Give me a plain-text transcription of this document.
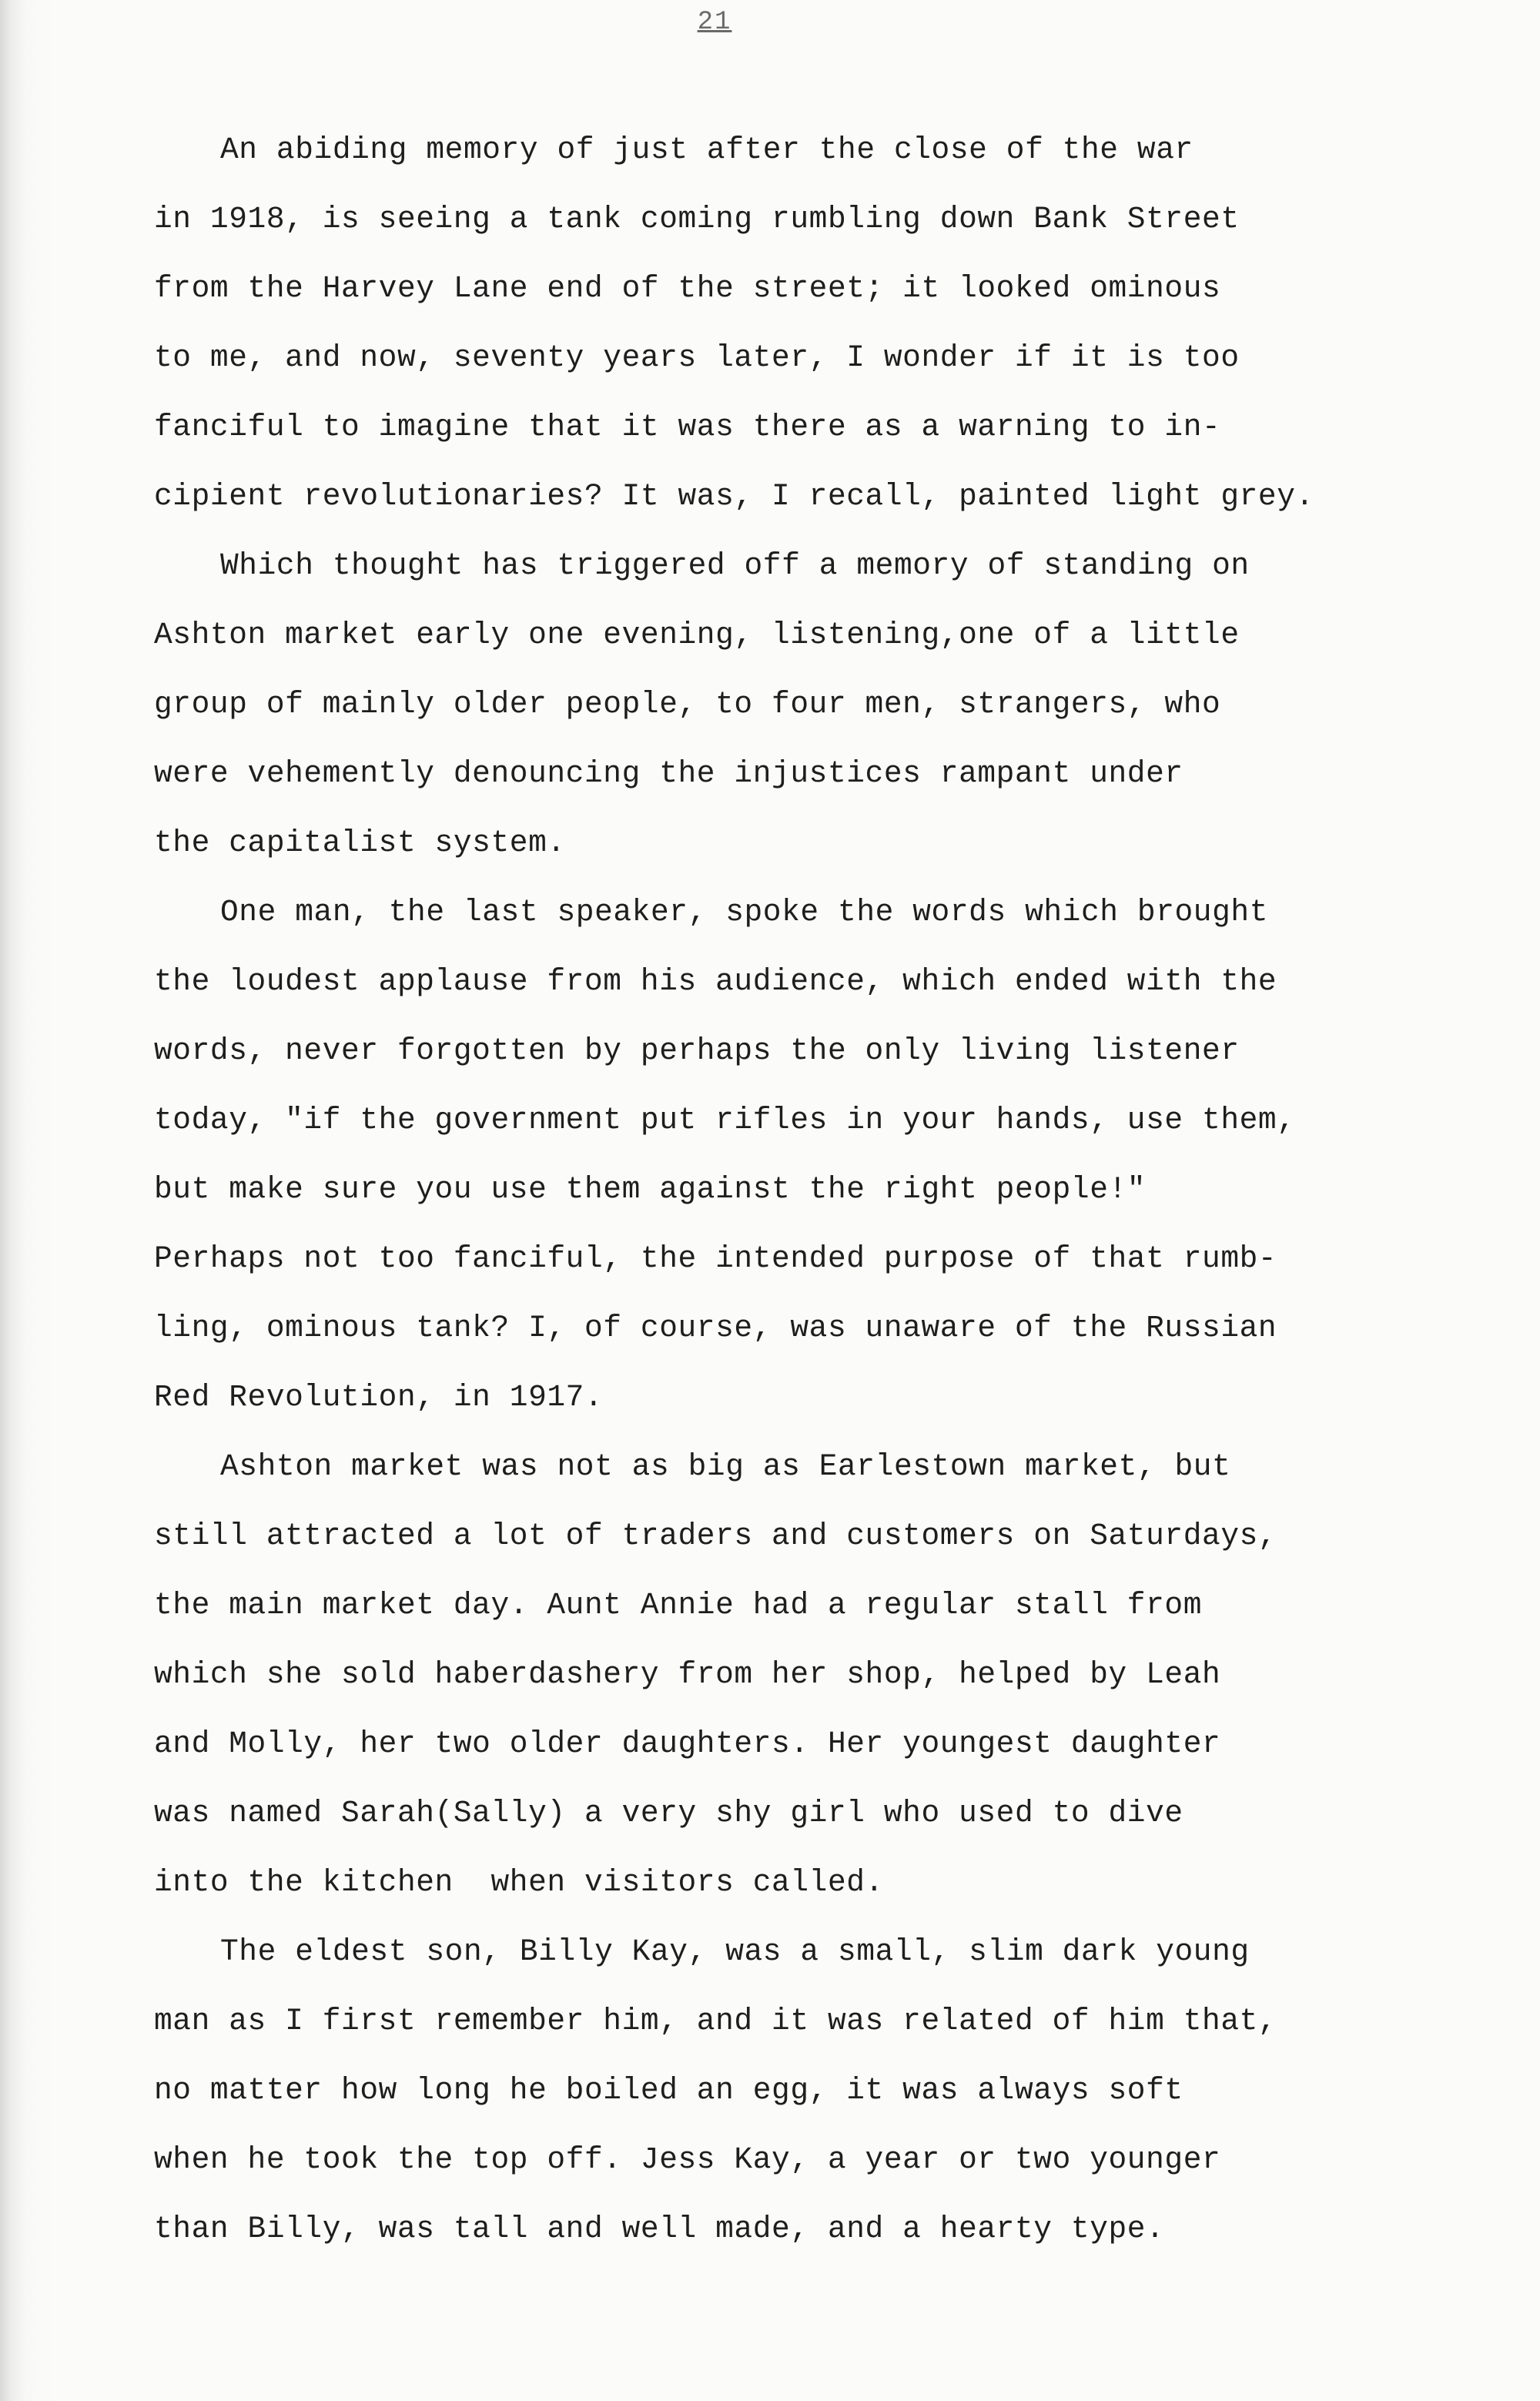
21
An abiding memory of just after the close of the war
in 1918, is seeing a tank coming rumbling down Bank Street
from the Harvey Lane end of the street; it looked ominous
to me, and now, seventy years later, I wonder if it is too
fanciful to imagine that it was there as a warning to in-
cipient revolutionaries? It was, I recall, painted light grey.
Which thought has triggered off a memory of standing on
Ashton market early one evening, listening,one of a little
group of mainly older people, to four men, strangers, who
were vehemently denouncing the injustices rampant under
the capitalist system.
One man, the last speaker, spoke the words which brought
the loudest applause from his audience, which ended with the
words, never forgotten by perhaps the only living listener
today, "if the government put rifles in your hands, use them,
but make sure you use them against the right people!"
Perhaps not too fanciful, the intended purpose of that rumb-
ling, ominous tank? I, of course, was unaware of the Russian
Red Revolution, in 1917.
Ashton market was not as big as Earlestown market, but
still attracted a lot of traders and customers on Saturdays,
the main market day. Aunt Annie had a regular stall from
which she sold haberdashery from her shop, helped by Leah
and Molly, her two older daughters. Her youngest daughter
was named Sarah(Sally) a very shy girl who used to dive
into the kitchen  when visitors called.
The eldest son, Billy Kay, was a small, slim dark young
man as I first remember him, and it was related of him that,
no matter how long he boiled an egg, it was always soft
when he took the top off. Jess Kay, a year or two younger
than Billy, was tall and well made, and a hearty type.
